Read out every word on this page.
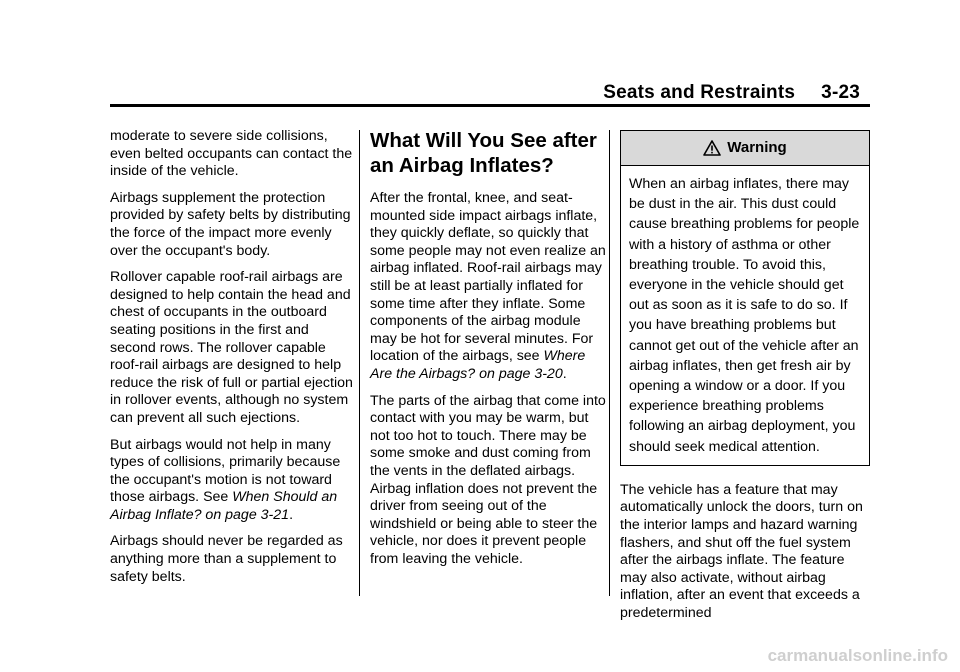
Seats and Restraints 3-23

moderate to severe side collisions, even belted occupants can contact the inside of the vehicle.

Airbags supplement the protection provided by safety belts by distributing the force of the impact more evenly over the occupant's body.

Rollover capable roof-rail airbags are designed to help contain the head and chest of occupants in the outboard seating positions in the first and second rows. The rollover capable roof-rail airbags are designed to help reduce the risk of full or partial ejection in rollover events, although no system can prevent all such ejections.

But airbags would not help in many types of collisions, primarily because the occupant's motion is not toward those airbags. See When Should an Airbag Inflate? on page 3-21.

Airbags should never be regarded as anything more than a supplement to safety belts.

What Will You See after an Airbag Inflates?

After the frontal, knee, and seat-mounted side impact airbags inflate, they quickly deflate, so quickly that some people may not even realize an airbag inflated. Roof-rail airbags may still be at least partially inflated for some time after they inflate. Some components of the airbag module may be hot for several minutes. For location of the airbags, see Where Are the Airbags? on page 3-20.

The parts of the airbag that come into contact with you may be warm, but not too hot to touch. There may be some smoke and dust coming from the vents in the deflated airbags. Airbag inflation does not prevent the driver from seeing out of the windshield or being able to steer the vehicle, nor does it prevent people from leaving the vehicle.

Warning
When an airbag inflates, there may be dust in the air. This dust could cause breathing problems for people with a history of asthma or other breathing trouble. To avoid this, everyone in the vehicle should get out as soon as it is safe to do so. If you have breathing problems but cannot get out of the vehicle after an airbag inflates, then get fresh air by opening a window or a door. If you experience breathing problems following an airbag deployment, you should seek medical attention.

The vehicle has a feature that may automatically unlock the doors, turn on the interior lamps and hazard warning flashers, and shut off the fuel system after the airbags inflate. The feature may also activate, without airbag inflation, after an event that exceeds a predetermined

carmanualsonline.info
